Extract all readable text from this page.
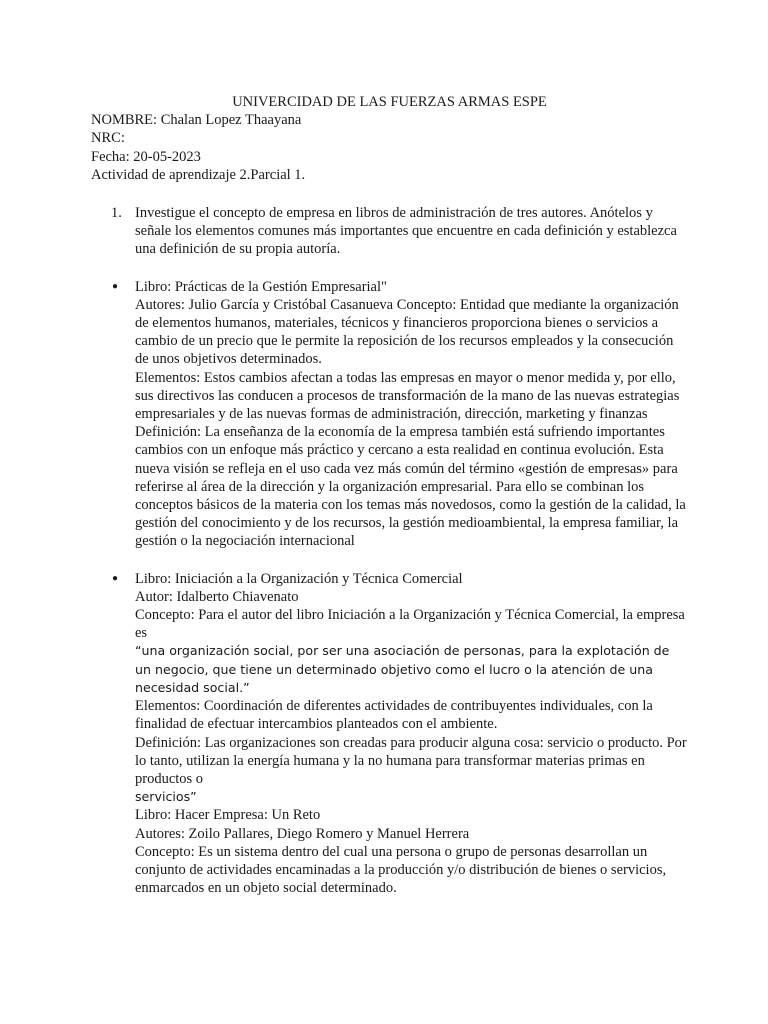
UNIVERCIDAD DE LAS FUERZAS ARMAS ESPE

NOMBRE: Chalan Lopez Thaayana

NRC:

Fecha: 20-05-2023

Actividad de aprendizaje 2.Parcial 1.

1. Investigue el concepto de empresa en libros de administración de tres autores. Anótelos y señale los elementos comunes más importantes que encuentre en cada definición y establezca una definición de su propia autoría.
●	Libro: Prácticas de la Gestión Empresarial"

Autores: Julio García y Cristóbal Casanueva Concepto: Entidad que mediante la organización de elementos humanos, materiales, técnicos y financieros proporciona bienes o servicios a cambio de un precio que le permite la reposición de los recursos empleados y la consecución de unos objetivos determinados.

Elementos: Estos cambios afectan a todas las empresas en mayor o menor medida y, por ello, sus directivos las conducen a procesos de transformación de la mano de las nuevas estrategias empresariales y de las nuevas formas de administración, dirección, marketing y finanzas

Definición: La enseñanza de la economía de la empresa también está sufriendo importantes cambios con un enfoque más práctico y cercano a esta realidad en continua evolución. Esta nueva visión se refleja en el uso cada vez más común del término «gestión de empresas» para referirse al área de la dirección y la organización empresarial. Para ello se combinan los conceptos básicos de la materia con los temas más novedosos, como la gestión de la calidad, la gestión del conocimiento y de los recursos, la gestión medioambiental, la empresa familiar, la gestión o la negociación internacional

●	Libro: Iniciación a la Organización y Técnica Comercial

Autor: Idalberto Chiavenato

Concepto: Para el autor del libro Iniciación a la Organización y Técnica Comercial, la empresa es

“una organización social, por ser una asociación de personas, para la explotación de un negocio, que tiene un determinado objetivo como el lucro o la atención de una necesidad social.”

Elementos: Coordinación de diferentes actividades de contribuyentes individuales, con la finalidad de efectuar intercambios planteados con el ambiente.

Definición: Las organizaciones son creadas para producir alguna cosa: servicio o producto. Por lo tanto, utilizan la energía humana y la no humana para transformar materias primas en productos o

servicios”

Libro: Hacer Empresa: Un Reto

Autores: Zoilo Pallares, Diego Romero y Manuel Herrera

Concepto: Es un sistema dentro del cual una persona o grupo de personas desarrollan un conjunto de actividades encaminadas a la producción y/o distribución de bienes o servicios, enmarcados en un objeto social determinado.
